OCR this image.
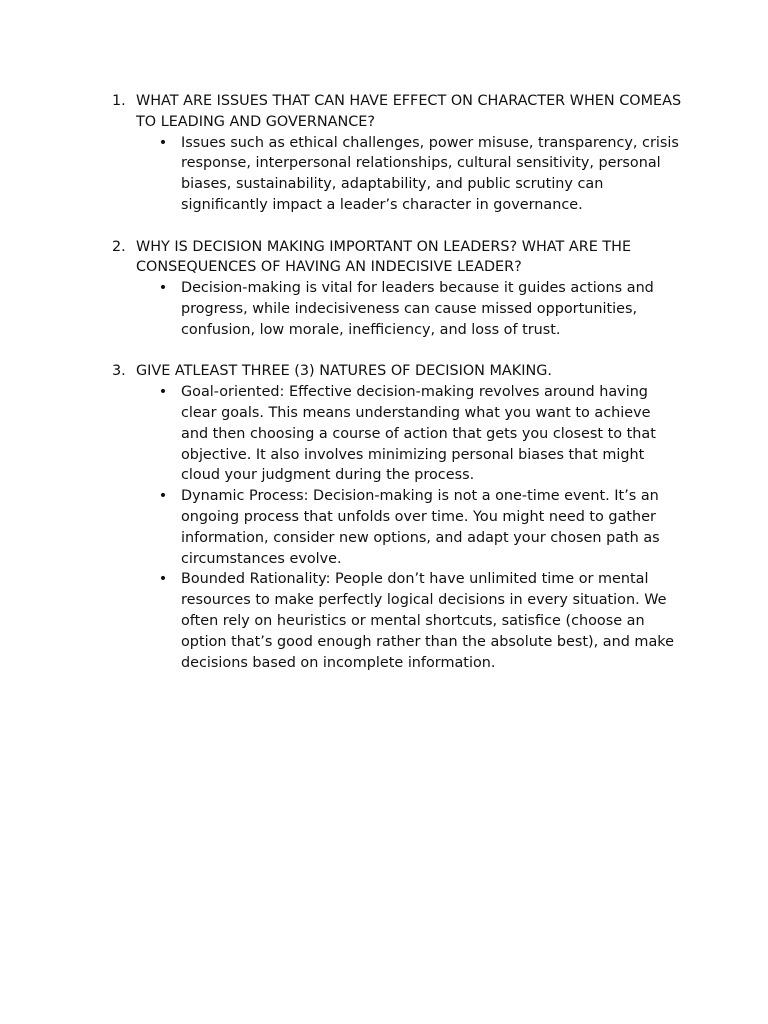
1. WHAT ARE ISSUES THAT CAN HAVE EFFECT ON CHARACTER WHEN COMEAS TO LEADING AND GOVERNANCE?
• Issues such as ethical challenges, power misuse, transparency, crisis response, interpersonal relationships, cultural sensitivity, personal biases, sustainability, adaptability, and public scrutiny can significantly impact a leader’s character in governance.
2. WHY IS DECISION MAKING IMPORTANT ON LEADERS? WHAT ARE THE CONSEQUENCES OF HAVING AN INDECISIVE LEADER?
• Decision-making is vital for leaders because it guides actions and progress, while indecisiveness can cause missed opportunities, confusion, low morale, inefficiency, and loss of trust.
3. GIVE ATLEAST THREE (3) NATURES OF DECISION MAKING.
• Goal-oriented: Effective decision-making revolves around having clear goals. This means understanding what you want to achieve and then choosing a course of action that gets you closest to that objective. It also involves minimizing personal biases that might cloud your judgment during the process.
• Dynamic Process: Decision-making is not a one-time event. It’s an ongoing process that unfolds over time. You might need to gather information, consider new options, and adapt your chosen path as circumstances evolve.
• Bounded Rationality: People don’t have unlimited time or mental resources to make perfectly logical decisions in every situation. We often rely on heuristics or mental shortcuts, satisfice (choose an option that’s good enough rather than the absolute best), and make decisions based on incomplete information.
